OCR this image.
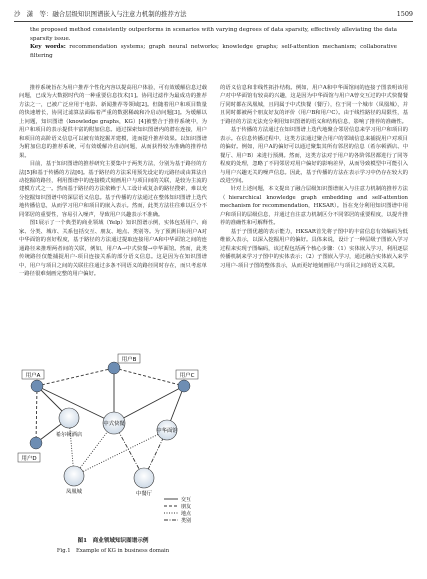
沙　潇　等：融合层级知识图谱嵌入与注意力机制的推荐方法	1509

the proposed method consistently outperforms in scenarios with varying degrees of data sparsity, effectively alleviating the data sparsity issue.

Key words: recommendation systems; graph neural networks; knowledge graphs; self-attention mechanism; collaborative filtering

推荐系统旨在为用户推荐个性化内容以提高用户体验，可有效缓解信息过载问题，已成为大数据时代的一种重要信息技术[1]。协同过滤作为最成功的推荐方法之一，已被广泛应用于电影、新闻推荐等领域[2]。但随着用户和项目数量的快速增长，协同过滤算法面临着严重的数据稀疏和冷启动问题[3]。为缓解以上问题，知识图谱（knowledge graphs，KG）[4]被整合于推荐系统中，为用户和项目的表示提供丰富的附加信息。通过探索知识图谱内的潜在连接，用户和项目的高阶语义信息可以被有效挖掘并建模，进而提升推荐效果。以知识图谱为附加信息的推荐系统，可有效缓解冷启动问题，从而获得较为准确的推荐结果。

目前，基于知识图谱的推荐研究主要集中于两类方法，分别为基于路径的方法[5]和基于传播的方法[6]。基于路径的方法采用预先设定的元路径或由算法自动挖掘的路径，利用图谱中的连接模式刻画用户与项目间的关联，是较为主流的建模方式之一。然而基于路径的方法依赖于人工设计或复杂的路径搜索，难以充分挖掘知识图谱中的深层语义信息。基于传播的方法通过在整体知识图谱上迭代地传播信息，从而学习用户和项目的嵌入表示。然而，此类方法往往难以区分不同邻居的重要性，容易引入噪声，导致用户兴趣表示不准确。

图1展示了一个典型的商业领域（Yelp）知识图谱示例，实体包括用户、商家、分类、城市、关系包括交互、朋友、地点、类别等。为了预测目标用户A对中华面馆的喜好程度，基于路径的方法通过提取连接用户A和中华面馆之间的连通路径来推理两者间的关联，例如，用户A→中式快餐→中华面馆。然而，此类传统路径仅能捕捉用户-项目连接关系的部分语义信息。这是因为在知识图谱中，用户与项目之间的关联往往通过多条不同语义的路径同时存在，而只考虑单一路径很难刻画完整的用户偏好。

的语义信息和非线性拓扑结构。例如，用户A和中华面馆间的连接子图表明该用户对中华面馆有较高的兴趣，这是因为中华面馆与用户A曾交互过的中式快餐餐厅同时都在凤凰城，且同属于中式快餐（餐厅），位于同一个城市（凤凰城），并且同时都被两个朋友好友的评价（用户B和用户C）。由于线性路径的局限性，基于路径的方法无法充分利用知识图谱的语义和结构信息，影响了推荐的准确性。

基于传播的方法通过在知识图谱上迭代地聚合邻居信息来学习用户和项目的表示。在信息传播过程中，这类方法通过聚合用户的邻域信息来捕捉用户对项目的偏好。例如，用户A的偏好可以通过聚集其所有邻居的信息（希尔顿酒店、中餐厅、用户B）来进行预测。然而，这类方法对于用户的各阶邻居都进行了同等程度的处理，忽略了不同邻居对用户偏好的影响差异，从而导致模型中可能引入与用户兴趣无关的噪声信息。因此，基于传播的方法在表示学习中仍存在较大的改进空间。

针对上述问题，本文提出了融合层级知识图谱嵌入与注意力机制的推荐方法（hierarchical knowledge graph embedding and self-attention mechanism for recommendation，HKSAR）。旨在充分利用知识图谱中用户和项目的层级信息，并通过自注意力机制区分不同邻居的重要程度，以提升推荐的准确性和可解释性。

基于子图优越的表示能力，HKSAR首先将子图中的丰富信息有效编码为低维嵌入表示，以深入挖掘用户的偏好。具体来说，设计了一种层级子图嵌入学习过程来实现子图编码，该过程包括两个核心步骤：（1）实体嵌入学习，利用逐层传播机制来学习子图中的实体表示；（2）子图嵌入学习，通过融合实体嵌入来学习用户-项目子图的整体表示，从而更好地刻画用户与项目之间的语义关联。

用户A
用户B
用户C
用户D
希尔顿酒店
中式快餐
中华面馆
凤凰城	中餐厅
交互
朋友
地点
类别
图1　商业领域知识图谱示例
Fig.1　Example of KG in business domain
